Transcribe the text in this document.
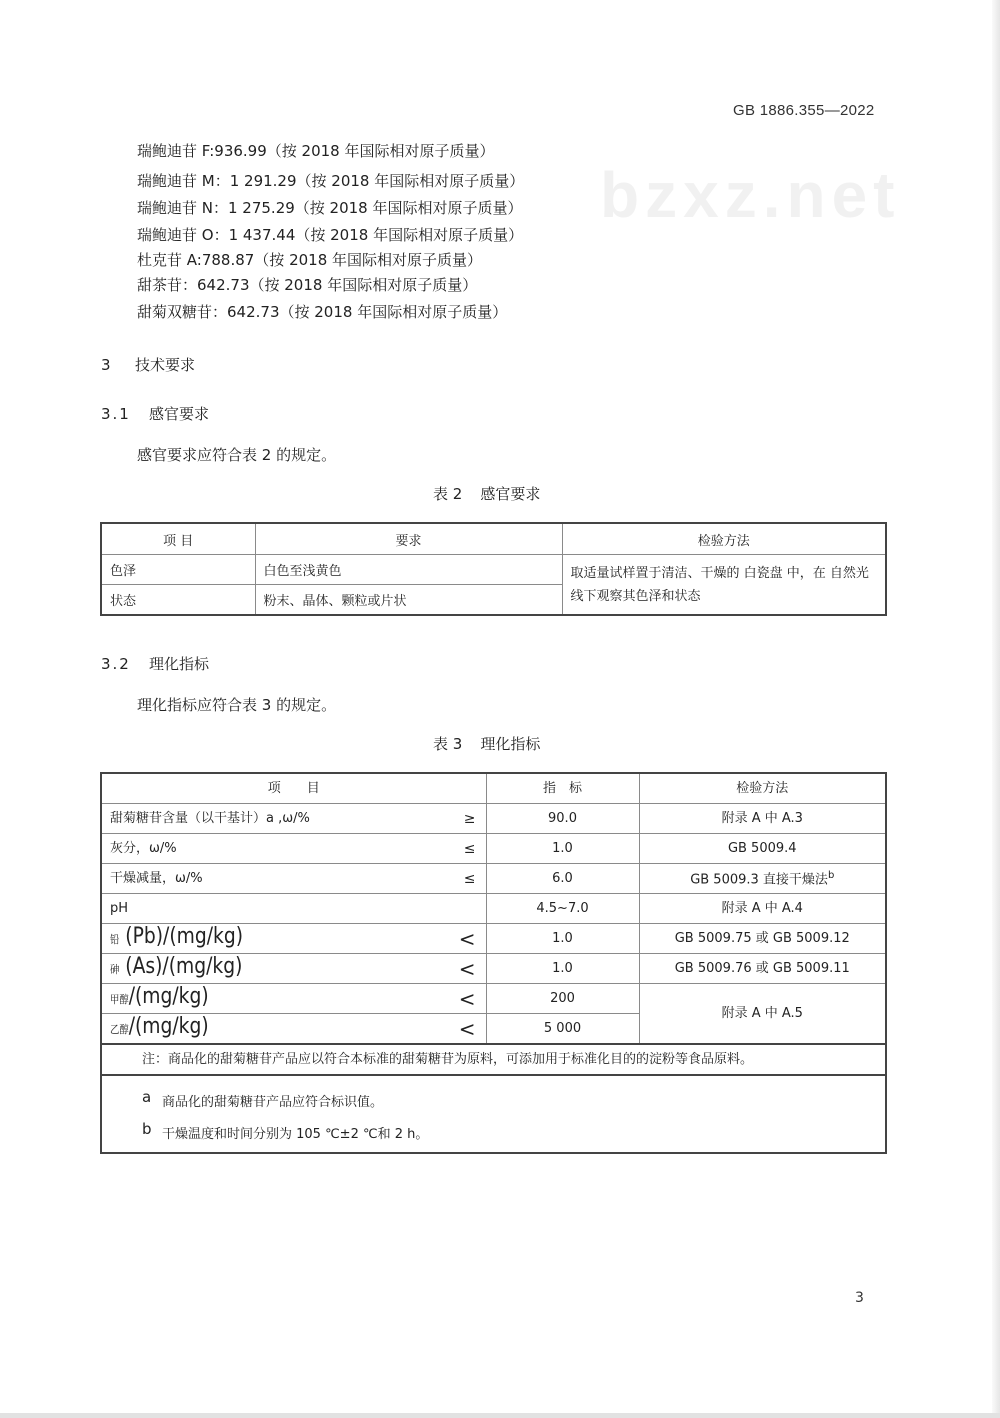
GB 1886.355—2022
bzxz.net
瑞鲍迪苷 F:936.99（按 2018 年国际相对原子质量）
瑞鲍迪苷 M：1 291.29（按 2018 年国际相对原子质量）
瑞鲍迪苷 N：1 275.29（按 2018 年国际相对原子质量）
瑞鲍迪苷 O：1 437.44（按 2018 年国际相对原子质量）
杜克苷 A:788.87（按 2018 年国际相对原子质量）
甜茶苷：642.73（按 2018 年国际相对原子质量）
甜菊双糖苷：642.73（按 2018 年国际相对原子质量）
3 技术要求
3.1 感官要求
感官要求应符合表 2 的规定。
表 2 感官要求
项 目	要求	检验方法
色泽	白色至浅黄色	取适量试样置于清洁、干燥的 白瓷盘 中，在 自然光线下观察其色泽和状态
状态	粉末、晶体、颗粒或片状	
3.2 理化指标
理化指标应符合表 3 的规定。
表 3 理化指标
项　　目	指　标	检验方法
甜菊糖苷含量（以干基计）a ,ω/% ≥	90.0	附录 A 中 A.3
灰分，ω/% ≤	1.0	GB 5009.4
干燥减量，ω/% ≤	6.0	GB 5009.3 直接干燥法$^b$
pH	4.5~7.0	附录 A 中 A.4
铅 (Pb)/(mg/kg) <	1.0	GB 5009.75 或 GB 5009.12
砷 (As)/(mg/kg) <	1.0	GB 5009.76 或 GB 5009.11
甲醇/(mg/kg) <	200	附录 A 中 A.5
乙醇/(mg/kg) <	5 000	
注：商品化的甜菊糖苷产品应以符合本标准的甜菊糖苷为原料，可添加用于标准化目的的淀粉等食品原料。		

a 商品化的甜菊糖苷产品应符合标识值。
b 干燥温度和时间分别为 105 ℃±2 ℃和 2 h。		
3
